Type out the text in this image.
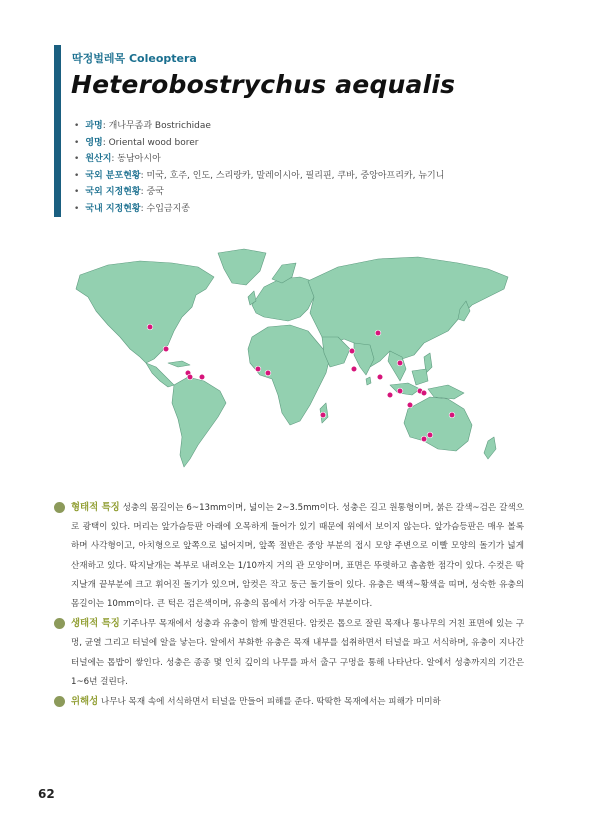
딱정벌레목 Coleoptera
Heterobostrychus aequalis
• 과명: 개나무좀과 Bostrichidae
• 영명: Oriental wood borer
• 원산지: 동남아시아
• 국외 분포현황: 미국, 호주, 인도, 스리랑카, 말레이시아, 필리핀, 쿠바, 중앙아프리카, 뉴기니
• 국외 지정현황: 중국
• 국내 지정현황: 수입금지종

형태적 특징 성충의 몸길이는 6~13mm이며, 넓이는 2~3.5mm이다. 성충은 길고 원통형이며, 붉은 갈색~검은 갈색으로 광택이 있다. 머리는 앞가슴등판 아래에 오목하게 들어가 있기 때문에 위에서 보이지 않는다. 앞가슴등판은 매우 볼록하며 사각형이고, 아치형으로 앞쪽으로 넓어지며, 앞쪽 절반은 중앙 부분의 접시 모양 주변으로 이빨 모양의 돌기가 넓게 산재하고 있다. 딱지날개는 복부로 내려오는 1/10까지 거의 관 모양이며, 표면은 뚜렷하고 촘촘한 점각이 있다. 수컷은 딱지날개 끝부분에 크고 휘어진 돌기가 있으며, 암컷은 작고 둥근 돌기들이 있다. 유충은 백색~황색을 띠며, 성숙한 유충의 몸길이는 10mm이다. 큰 턱은 검은색이며, 유충의 몸에서 가장 어두운 부분이다.

생태적 특징 기주나무 목재에서 성충과 유충이 함께 발견된다. 암컷은 톱으로 잘린 목재나 통나무의 거친 표면에 있는 구멍, 균열 그리고 터널에 알을 낳는다. 알에서 부화한 유충은 목재 내부를 섭취하면서 터널을 파고 서식하며, 유충이 지나간 터널에는 톱밥이 쌓인다. 성충은 종종 몇 인치 깊이의 나무를 파서 출구 구멍을 통해 나타난다. 알에서 성충까지의 기간은 1~6년 걸린다.

위해성 나무나 목재 속에 서식하면서 터널을 만들어 피해를 준다. 딱딱한 목재에서는 피해가 미미하

62
